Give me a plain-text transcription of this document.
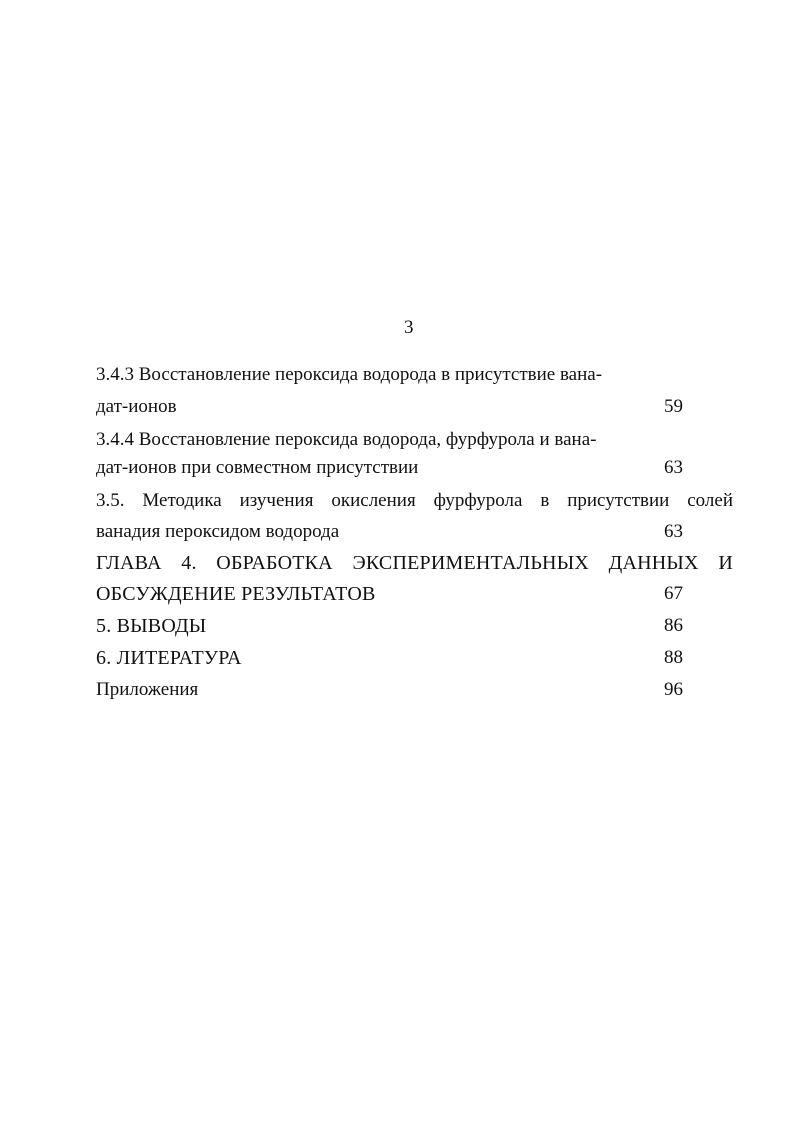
3
3.4.3 Восстановление пероксида водорода в присутствие вана-
дат-ионов	59
3.4.4 Восстановление пероксида водорода, фурфурола и вана-
дат-ионов при совместном присутствии	63
3.5. Методика изучения окисления фурфурола в присутствии солей
ванадия пероксидом водорода	63
ГЛАВА 4. ОБРАБОТКА ЭКСПЕРИМЕНТАЛЬНЫХ ДАННЫХ И
ОБСУЖДЕНИЕ РЕЗУЛЬТАТОВ	67
5. ВЫВОДЫ	86
6. ЛИТЕРАТУРА	88
Приложения	96
